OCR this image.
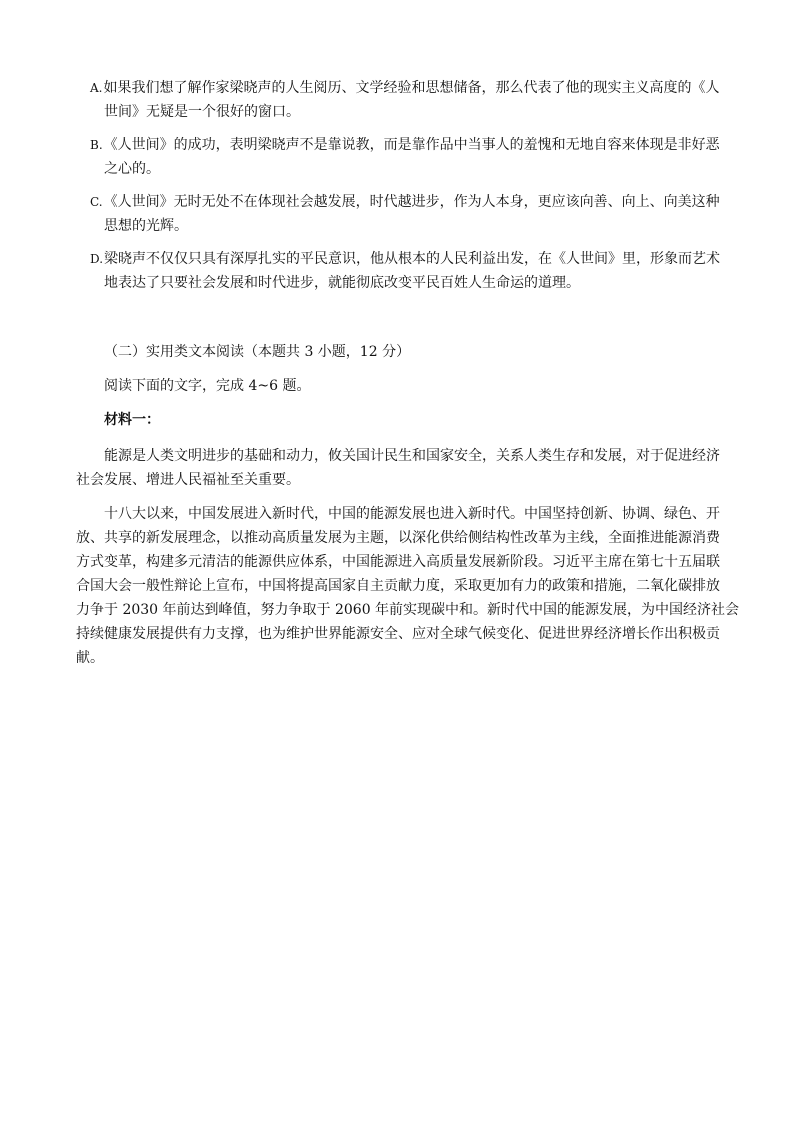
A.如果我们想了解作家梁晓声的人生阅历、文学经验和思想储备，那么代表了他的现实主义高度的《人
世间》无疑是一个很好的窗口。
B.《人世间》的成功，表明梁晓声不是靠说教，而是靠作品中当事人的羞愧和无地自容来体现是非好恶
之心的。
C.《人世间》无时无处不在体现社会越发展，时代越进步，作为人本身，更应该向善、向上、向美这种
思想的光辉。
D.梁晓声不仅仅只具有深厚扎实的平民意识，他从根本的人民利益出发，在《人世间》里，形象而艺术
地表达了只要社会发展和时代进步，就能彻底改变平民百姓人生命运的道理。
（二）实用类文本阅读（本题共 3 小题，12 分）
阅读下面的文字，完成 4~6 题。
材料一：
能源是人类文明进步的基础和动力，攸关国计民生和国家安全，关系人类生存和发展，对于促进经济
社会发展、增进人民福祉至关重要。
十八大以来，中国发展进入新时代，中国的能源发展也进入新时代。中国坚持创新、协调、绿色、开
放、共享的新发展理念，以推动高质量发展为主题，以深化供给侧结构性改革为主线，全面推进能源消费
方式变革，构建多元清洁的能源供应体系，中国能源进入高质量发展新阶段。习近平主席在第七十五届联
合国大会一般性辩论上宣布，中国将提高国家自主贡献力度，采取更加有力的政策和措施，二氧化碳排放
力争于 2030 年前达到峰值，努力争取于 2060 年前实现碳中和。新时代中国的能源发展，为中国经济社会
持续健康发展提供有力支撑，也为维护世界能源安全、应对全球气候变化、促进世界经济增长作出积极贡
献。
